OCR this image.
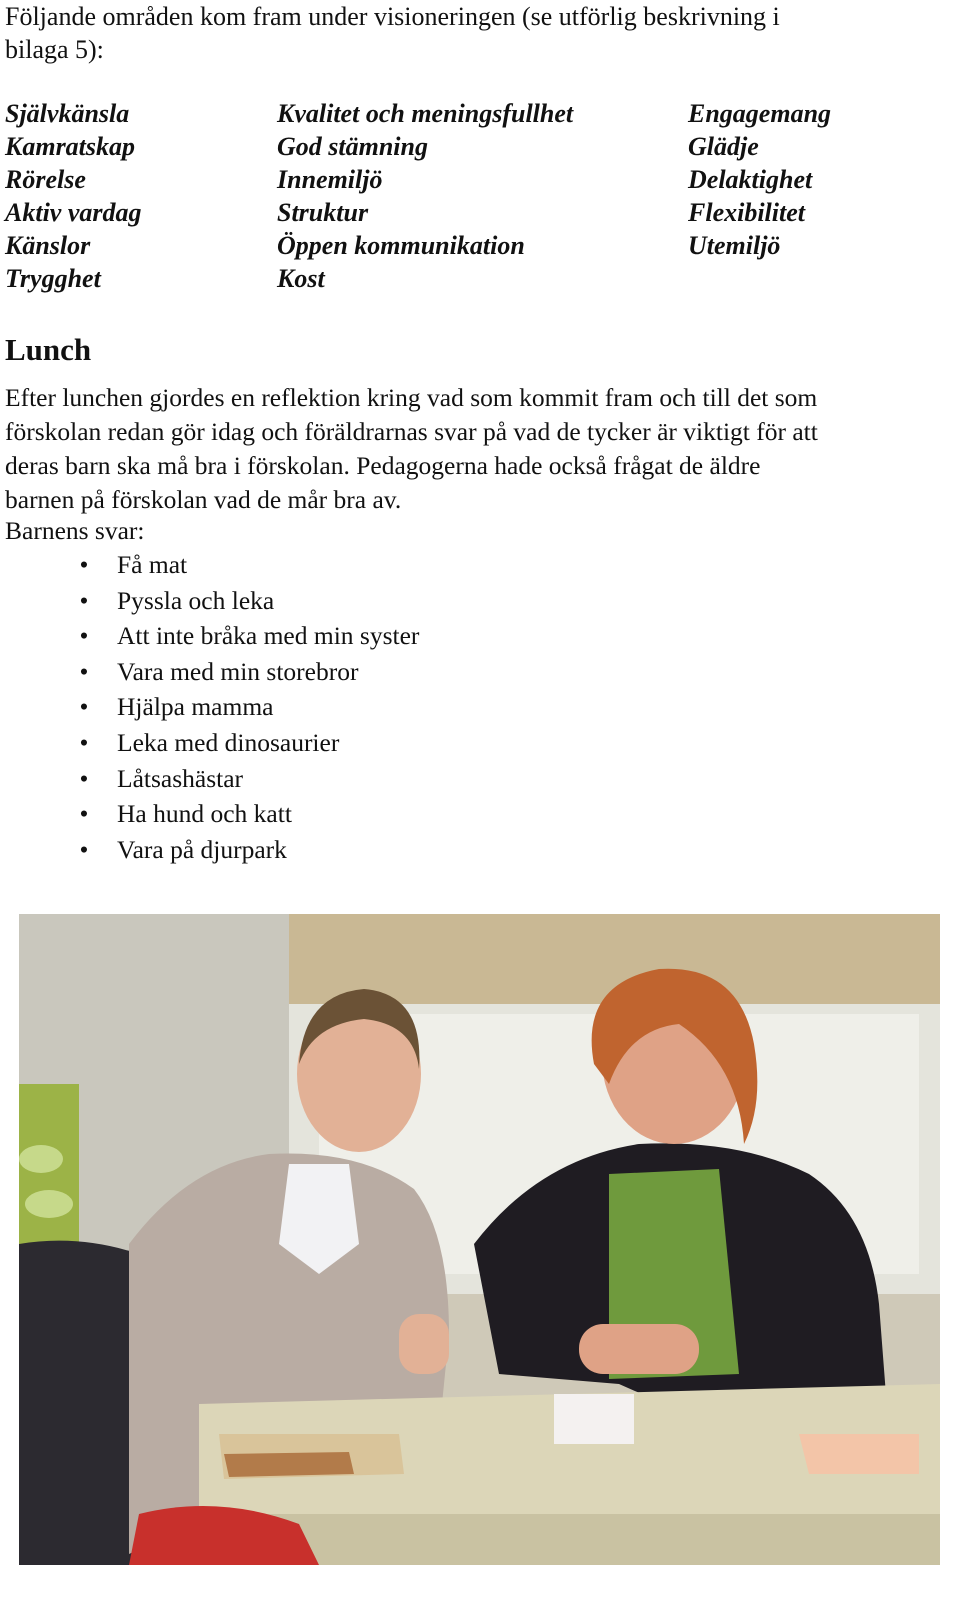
Följande områden kom fram under visioneringen (se utförlig beskrivning i
bilaga 5):
Självkänsla
Kamratskap
Rörelse
Aktiv vardag
Känslor
Trygghet
Kvalitet och meningsfullhet
God stämning
Innemiljö
Struktur
Öppen kommunikation
Kost
Engagemang
Glädje
Delaktighet
Flexibilitet
Utemiljö
Lunch
Efter lunchen gjordes en reflektion kring vad som kommit fram och till det som
förskolan redan gör idag och föräldrarnas svar på vad de tycker är viktigt för att
deras barn ska må bra i förskolan. Pedagogerna hade också frågat de äldre
barnen på förskolan vad de mår bra av.
Barnens svar:
• Få mat
• Pyssla och leka
• Att inte bråka med min syster
• Vara med min storebror
• Hjälpa mamma
• Leka med dinosaurier
• Låtsashästar
• Ha hund och katt
• Vara på djurpark
